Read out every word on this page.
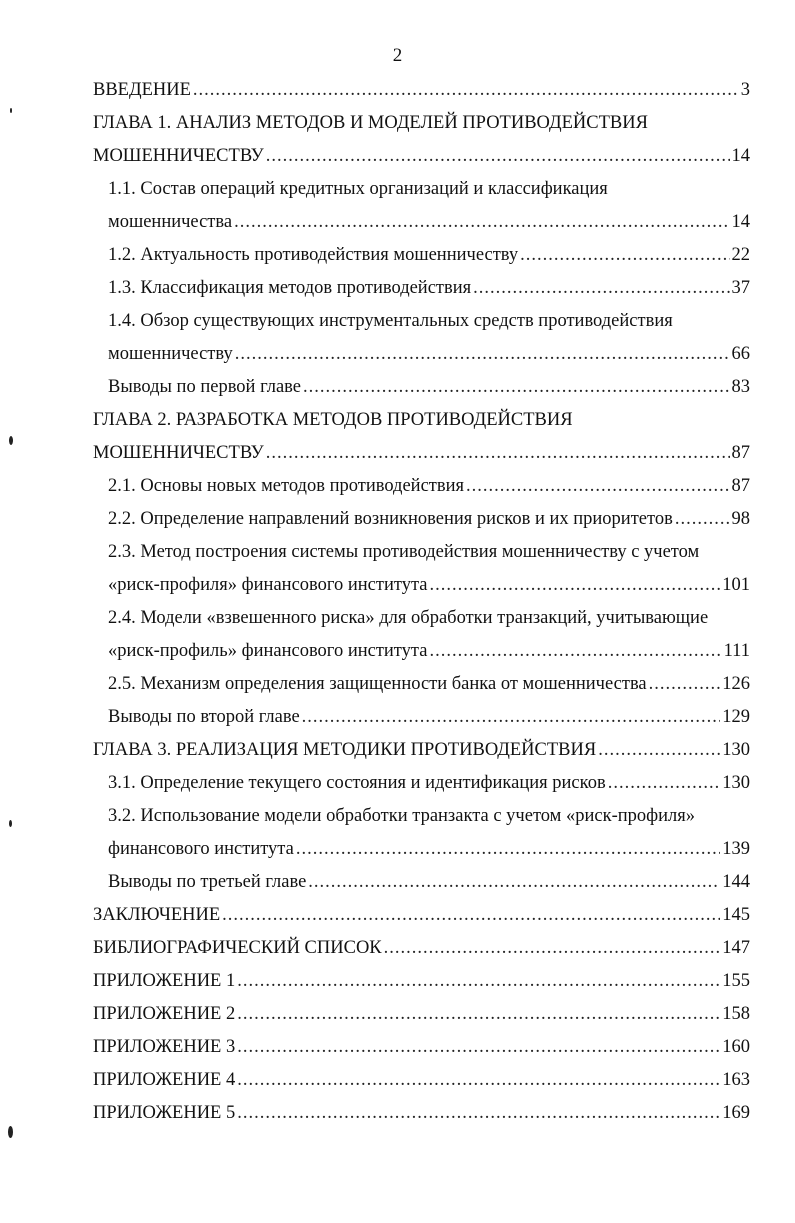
2
ВВЕДЕНИЕ .....	3
ГЛАВА 1. АНАЛИЗ МЕТОДОВ И МОДЕЛЕЙ ПРОТИВОДЕЙСТВИЯ
МОШЕННИЧЕСТВУ .....	14
1.1. Состав операций кредитных организаций и классификация
мошенничества .....	14
1.2. Актуальность противодействия мошенничеству .....	22
1.3. Классификация методов противодействия .....	37
1.4. Обзор существующих инструментальных средств противодействия
мошенничеству .....	66
Выводы по первой главе .....	83
ГЛАВА 2. РАЗРАБОТКА МЕТОДОВ ПРОТИВОДЕЙСТВИЯ
МОШЕННИЧЕСТВУ .....	87
2.1. Основы новых методов противодействия .....	87
2.2. Определение направлений возникновения рисков и их приоритетов .....	98
2.3. Метод построения системы противодействия мошенничеству с учетом
«риск-профиля» финансового института .....	101
2.4. Модели «взвешенного риска» для обработки транзакций, учитывающие
«риск-профиль» финансового института .....	111
2.5. Механизм определения защищенности банка от мошенничества .....	126
Выводы по второй главе .....	129
ГЛАВА 3. РЕАЛИЗАЦИЯ МЕТОДИКИ ПРОТИВОДЕЙСТВИЯ .....	130
3.1. Определение текущего состояния и идентификация рисков .....	130
3.2. Использование модели обработки транзакта с учетом «риск-профиля»
финансового института .....	139
Выводы по третьей главе .....	144
ЗАКЛЮЧЕНИЕ .....	145
БИБЛИОГРАФИЧЕСКИЙ СПИСОК .....	147
ПРИЛОЖЕНИЕ 1 .....	155
ПРИЛОЖЕНИЕ 2 .....	158
ПРИЛОЖЕНИЕ 3 .....	160
ПРИЛОЖЕНИЕ 4 .....	163
ПРИЛОЖЕНИЕ 5 .....	169
